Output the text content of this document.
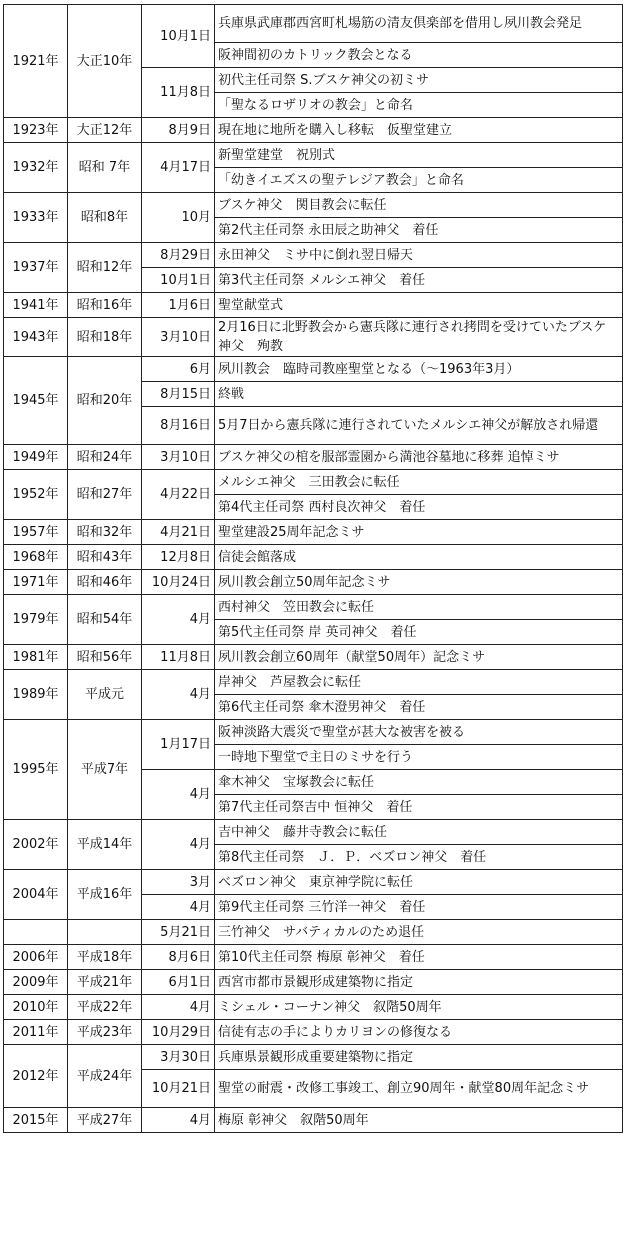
1921年	大正10年	10月1日	兵庫県武庫郡西宮町札場筋の清友倶楽部を借用し夙川教会発足
			阪神間初のカトリック教会となる
		11月8日	初代主任司祭 S.ブスケ神父の初ミサ
			「聖なるロザリオの教会」と命名
1923年	大正12年	8月9日	現在地に地所を購入し移転　仮聖堂建立
1932年	昭和 7年	4月17日	新聖堂建堂　祝別式
			「幼きイエズスの聖テレジア教会」と命名
1933年	昭和8年	10月	ブスケ神父　関目教会に転任
			第2代主任司祭 永田辰之助神父　着任
1937年	昭和12年	8月29日	永田神父　ミサ中に倒れ翌日帰天
		10月1日	第3代主任司祭 メルシエ神父　着任
1941年	昭和16年	1月6日	聖堂献堂式
1943年	昭和18年	3月10日	2月16日に北野教会から憲兵隊に連行され拷問を受けていたブスケ神父　殉教
1945年	昭和20年	6月	夙川教会　臨時司教座聖堂となる（〜1963年3月）
		8月15日	終戦
		8月16日	5月7日から憲兵隊に連行されていたメルシエ神父が解放され帰還
1949年	昭和24年	3月10日	ブスケ神父の棺を服部霊園から満池谷墓地に移葬 追悼ミサ
1952年	昭和27年	4月22日	メルシエ神父　三田教会に転任
			第4代主任司祭 西村良次神父　着任
1957年	昭和32年	4月21日	聖堂建設25周年記念ミサ
1968年	昭和43年	12月8日	信徒会館落成
1971年	昭和46年	10月24日	夙川教会創立50周年記念ミサ
1979年	昭和54年	4月	西村神父　笠田教会に転任
			第5代主任司祭 岸 英司神父　着任
1981年	昭和56年	11月8日	夙川教会創立60周年（献堂50周年）記念ミサ
1989年	平成元	4月	岸神父　芦屋教会に転任
			第6代主任司祭 傘木澄男神父　着任
1995年	平成7年	1月17日	阪神淡路大震災で聖堂が甚大な被害を被る
			一時地下聖堂で主日のミサを行う
		4月	傘木神父　宝塚教会に転任
			第7代主任司祭吉中 恒神父　着任
2002年	平成14年	4月	吉中神父　藤井寺教会に転任
			第8代主任司祭　Ｊ．Ｐ．ベズロン神父　着任
2004年	平成16年	3月	ベズロン神父　東京神学院に転任
		4月	第9代主任司祭 三竹洋一神父　着任
		5月21日	三竹神父　サバティカルのため退任
2006年	平成18年	8月6日	第10代主任司祭 梅原 彰神父　着任
2009年	平成21年	6月1日	西宮市都市景観形成建築物に指定
2010年	平成22年	4月	ミシェル・コーナン神父　叙階50周年
2011年	平成23年	10月29日	信徒有志の手によりカリヨンの修復なる
2012年	平成24年	3月30日	兵庫県景観形成重要建築物に指定
		10月21日	聖堂の耐震・改修工事竣工、創立90周年・献堂80周年記念ミサ
2015年	平成27年	4月	梅原 彰神父　叙階50周年
